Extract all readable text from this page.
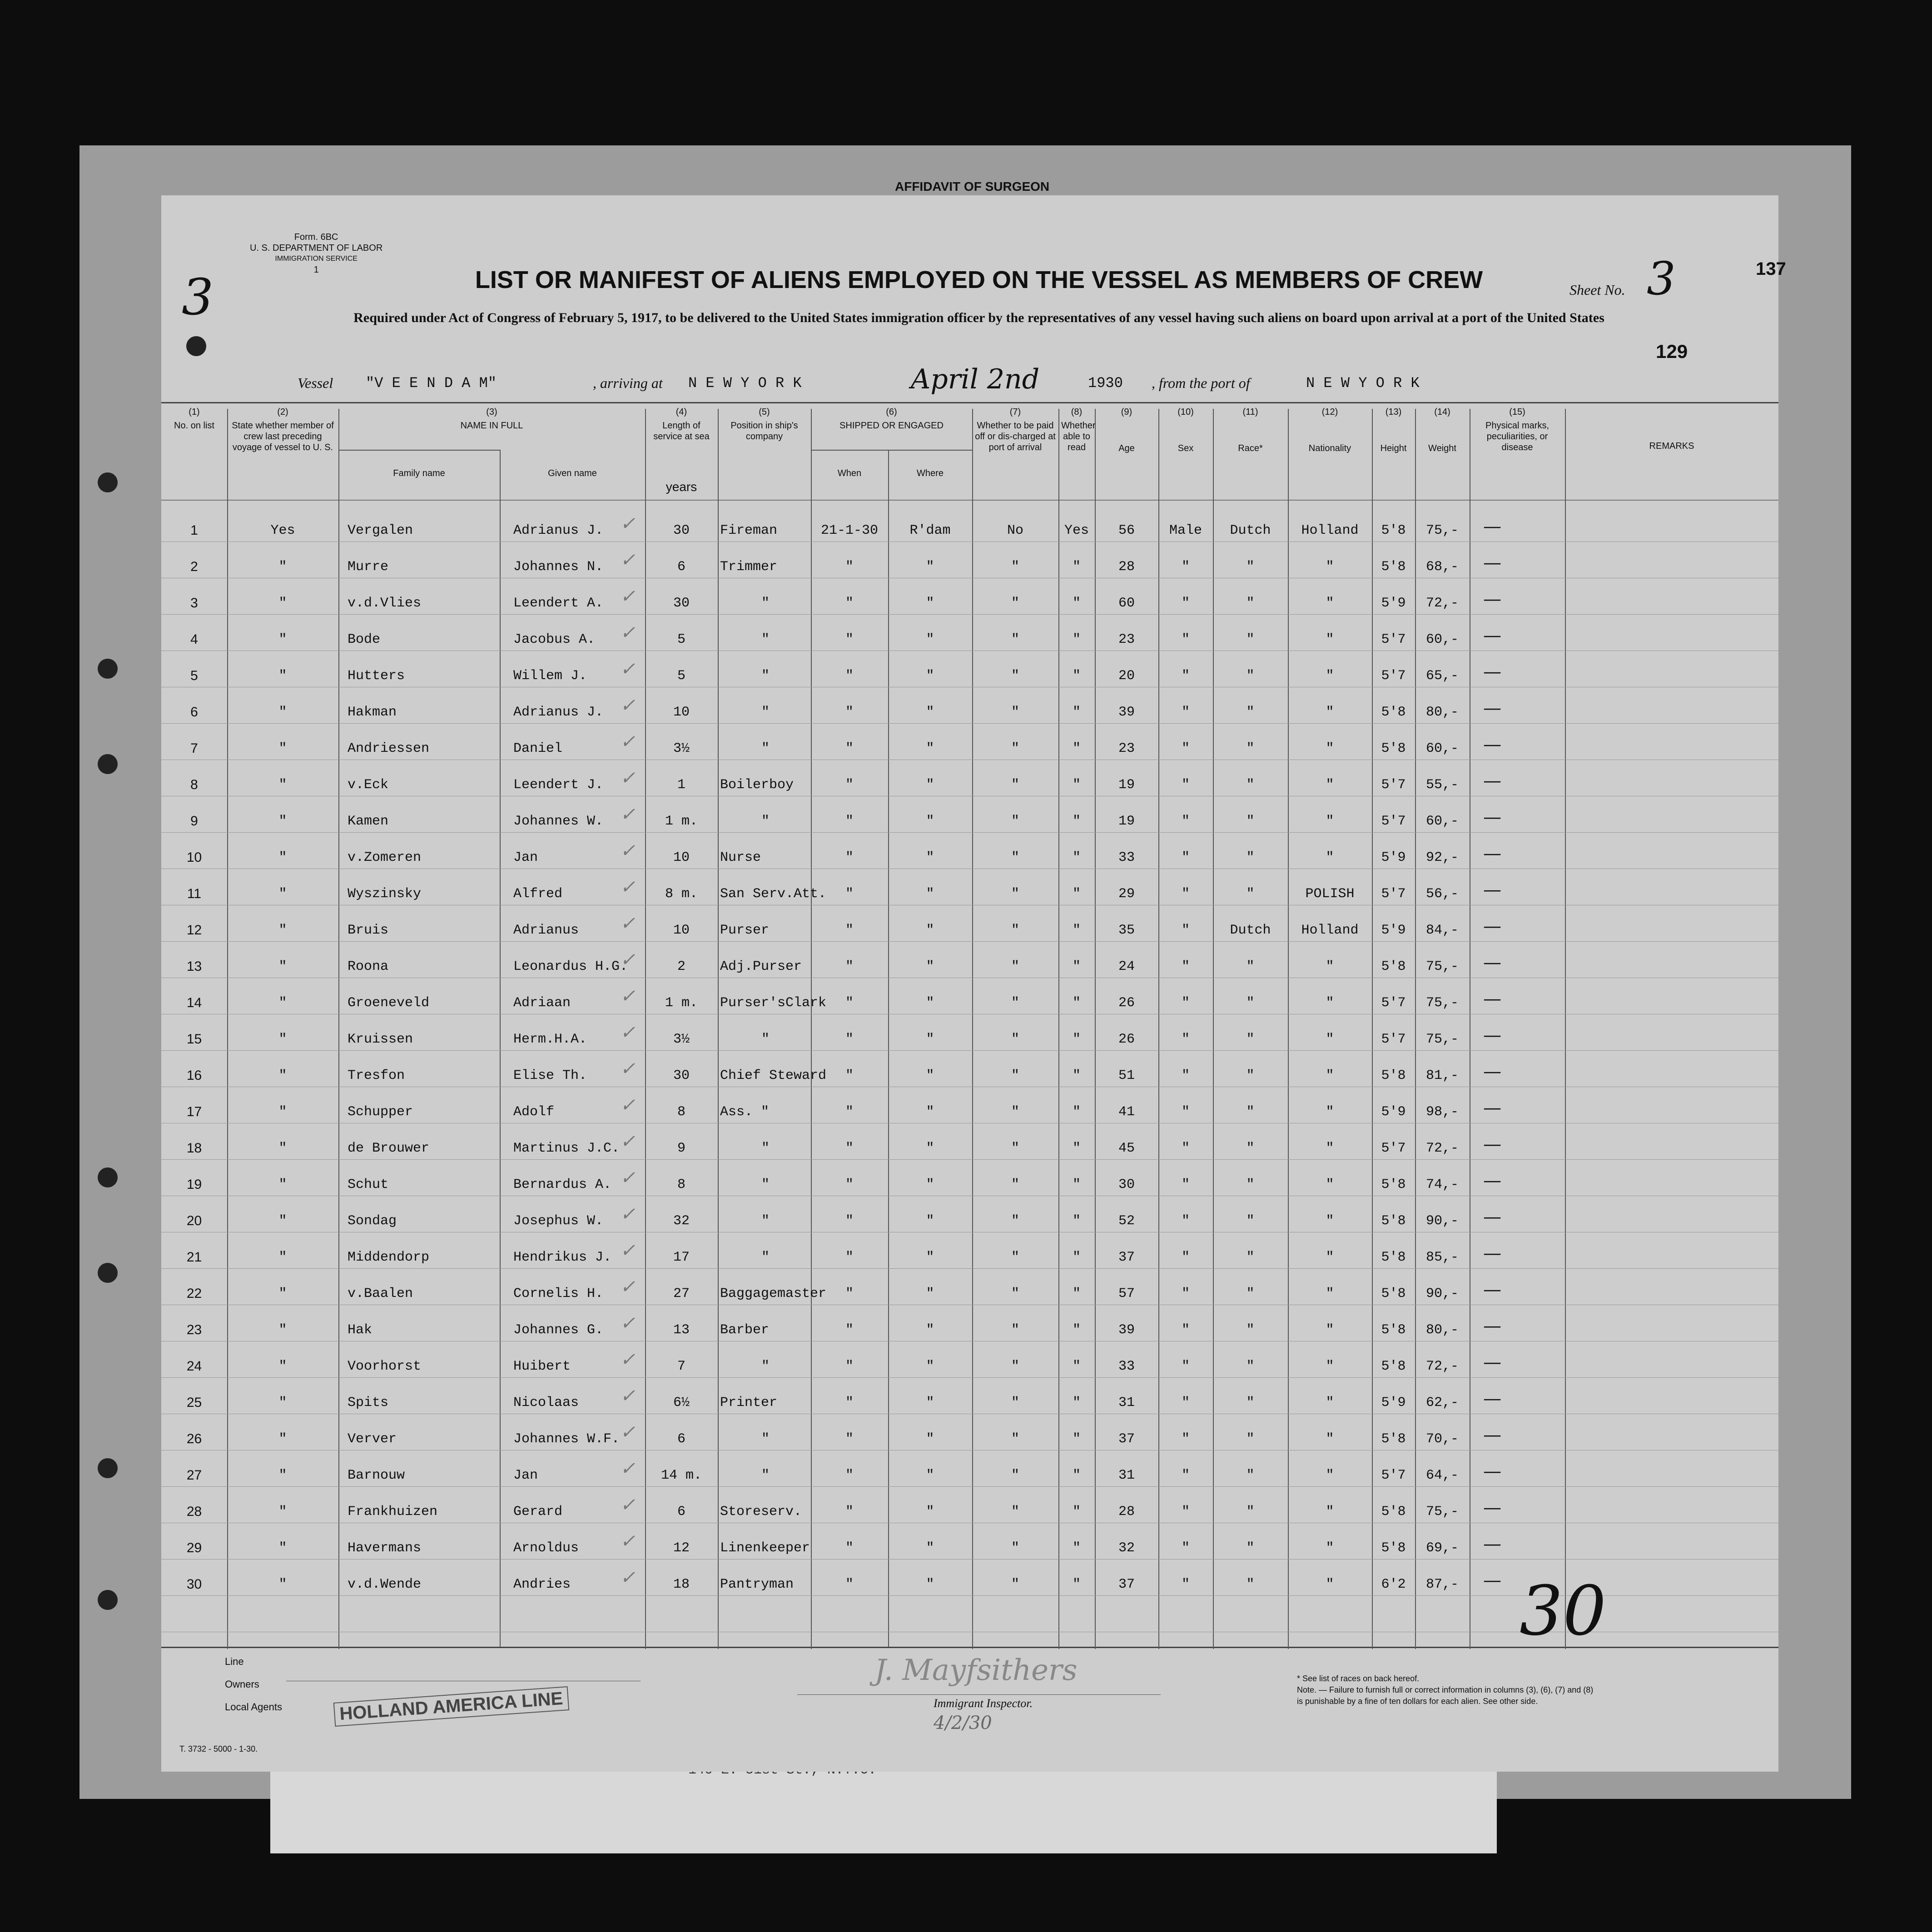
AFFIDAVIT OF SURGEON
Form. 6BC
U. S. DEPARTMENT OF LABOR
IMMIGRATION SERVICE
1
3	LIST OR MANIFEST OF ALIENS EMPLOYED ON THE VESSEL AS MEMBERS OF CREW
Required under Act of Congress of February 5, 1917, to be delivered to the United States immigration officer by the representatives of any vessel having such aliens on board upon arrival at a port of the United States
Sheet No. 3	137
129
Vessel "V E E N D A M"	, arriving at N E W Y O R K	April 2nd	1930 , from the port of	N E W Y O R K
(1)
No. on list
(2)
State whether member of crew last preceding voyage of vessel to U. S.
(3)
NAME IN FULL
Family name	Given name
(4)
Length of service at sea
years
(5)
Position in ship's company
(6)
SHIPPED OR ENGAGED
When	Where
(7)
Whether to be paid off or dis-charged at port of arrival
(8)
Whether able to read
(9)
Age
(10)
Sex
(11)
Race*
(12)
Nationality
(13)
Height
(14)
Weight
(15)
Physical marks, peculiarities, or disease	REMARKS
1	Yes	Vergalen	Adrianus J.	30	Fireman	21-1-30	R'dam	No	Yes	56	Male	Dutch	Holland	5'8	75,-	—
✓
2	"	Murre	Johannes N.	6	Trimmer	"	"	"	"	28	"	"	"	5'8	68,-	—
✓
3	"	v.d.Vlies	Leendert A.	30	"	"	"	"	"	60	"	"	"	5'9	72,-	—
✓
4	"	Bode	Jacobus A.	5	"	"	"	"	"	23	"	"	"	5'7	60,-	—
✓
5	"	Hutters	Willem J.	5	"	"	"	"	"	20	"	"	"	5'7	65,-	—
✓
6	"	Hakman	Adrianus J.	10	"	"	"	"	"	39	"	"	"	5'8	80,-	—
✓
7	"	Andriessen	Daniel	3½	"	"	"	"	"	23	"	"	"	5'8	60,-	—
✓
8	"	v.Eck	Leendert J.	1	Boilerboy	"	"	"	"	19	"	"	"	5'7	55,-	—
✓
9	"	Kamen	Johannes W.	1 m.	"	"	"	"	"	19	"	"	"	5'7	60,-	—
✓
10	"	v.Zomeren	Jan	10	Nurse	"	"	"	"	33	"	"	"	5'9	92,-	—
✓
11	"	Wyszinsky	Alfred	8 m.	San Serv.Att.	"	"	"	"	29	"	"	POLISH	5'7	56,-	—
✓
12	"	Bruis	Adrianus	10	Purser	"	"	"	"	35	"	Dutch	Holland	5'9	84,-	—
✓
13	"	Roona	Leonardus H.G.	2	Adj.Purser	"	"	"	"	24	"	"	"	5'8	75,-	—
✓
14	"	Groeneveld	Adriaan	1 m.	Purser'sClark	"	"	"	"	26	"	"	"	5'7	75,-	—
✓
15	"	Kruissen	Herm.H.A.	3½	"	"	"	"	"	26	"	"	"	5'7	75,-	—
✓
16	"	Tresfon	Elise Th.	30	Chief Steward	"	"	"	"	51	"	"	"	5'8	81,-	—
✓
17	"	Schupper	Adolf	8	Ass. "	"	"	"	"	41	"	"	"	5'9	98,-	—
✓
18	"	de Brouwer	Martinus J.C.	9	"	"	"	"	"	45	"	"	"	5'7	72,-	—
✓
19	"	Schut	Bernardus A.	8	"	"	"	"	"	30	"	"	"	5'8	74,-	—
✓
20	"	Sondag	Josephus W.	32	"	"	"	"	"	52	"	"	"	5'8	90,-	—
✓
21	"	Middendorp	Hendrikus J.	17	"	"	"	"	"	37	"	"	"	5'8	85,-	—
✓
22	"	v.Baalen	Cornelis H.	27	Baggagemaster	"	"	"	"	57	"	"	"	5'8	90,-	—
✓
23	"	Hak	Johannes G.	13	Barber	"	"	"	"	39	"	"	"	5'8	80,-	—
✓
24	"	Voorhorst	Huibert	7	"	"	"	"	"	33	"	"	"	5'8	72,-	—
✓
25	"	Spits	Nicolaas	6½	Printer	"	"	"	"	31	"	"	"	5'9	62,-	—
✓
26	"	Verver	Johannes W.F.	6	"	"	"	"	"	37	"	"	"	5'8	70,-	—
✓
27	"	Barnouw	Jan	14 m.	"	"	"	"	"	31	"	"	"	5'7	64,-	—
✓
28	"	Frankhuizen	Gerard	6	Storeserv.	"	"	"	"	28	"	"	"	5'8	75,-	—
✓
29	"	Havermans	Arnoldus	12	Linenkeeper	"	"	"	"	32	"	"	"	5'8	69,-	—
✓
30	"	v.d.Wende	Andries	18	Pantryman	"	"	"	"	37	"	"	"	6'2	87,-	—
✓
Line
Owners
Local Agents	HOLLAND AMERICA LINE
J. Mayfsithers
Immigrant Inspector.
4/2/30
* See list of races on back hereof.
Note. — Failure to furnish full or correct information in columns (3), (6), (7) and (8)
is punishable by a fine of ten dollars for each alien. See other side.
T. 3732 - 5000 - 1-30.
30
